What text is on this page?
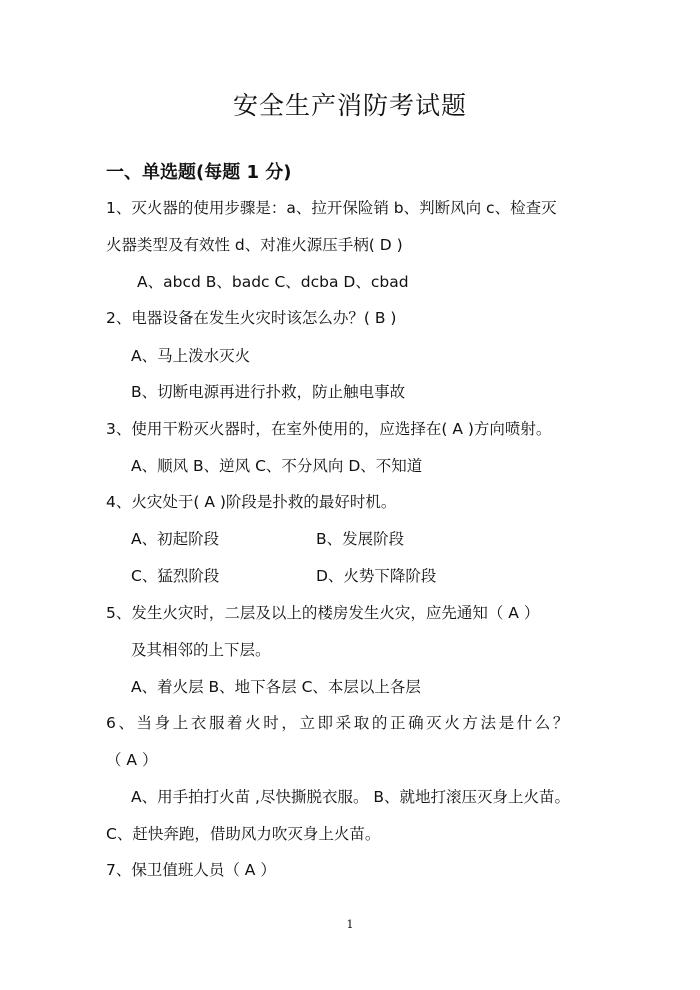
安全生产消防考试题
一、单选题(每题 1 分)
1、灭火器的使用步骤是：a、拉开保险销 b、判断风向 c、检查灭
火器类型及有效性 d、对准火源压手柄( D )
A、abcd B、badc C、dcba D、cbad
2、电器设备在发生火灾时该怎么办？( B )
A、马上泼水灭火
B、切断电源再进行扑救，防止触电事故
3、使用干粉灭火器时，在室外使用的，应选择在( A )方向喷射。
A、顺风 B、逆风 C、不分风向 D、不知道
4、火灾处于( A )阶段是扑救的最好时机。
A、初起阶段	B、发展阶段
C、猛烈阶段	D、火势下降阶段
5、发生火灾时，二层及以上的楼房发生火灾，应先通知（ A ）
及其相邻的上下层。
A、着火层 B、地下各层 C、本层以上各层
6、当身上衣服着火时，立即采取的正确灭火方法是什么？
（ A ）
A、用手拍打火苗 ,尽快撕脱衣服。 B、就地打滚压灭身上火苗。
C、赶快奔跑，借助风力吹灭身上火苗。
7、保卫值班人员（ A ）
1
